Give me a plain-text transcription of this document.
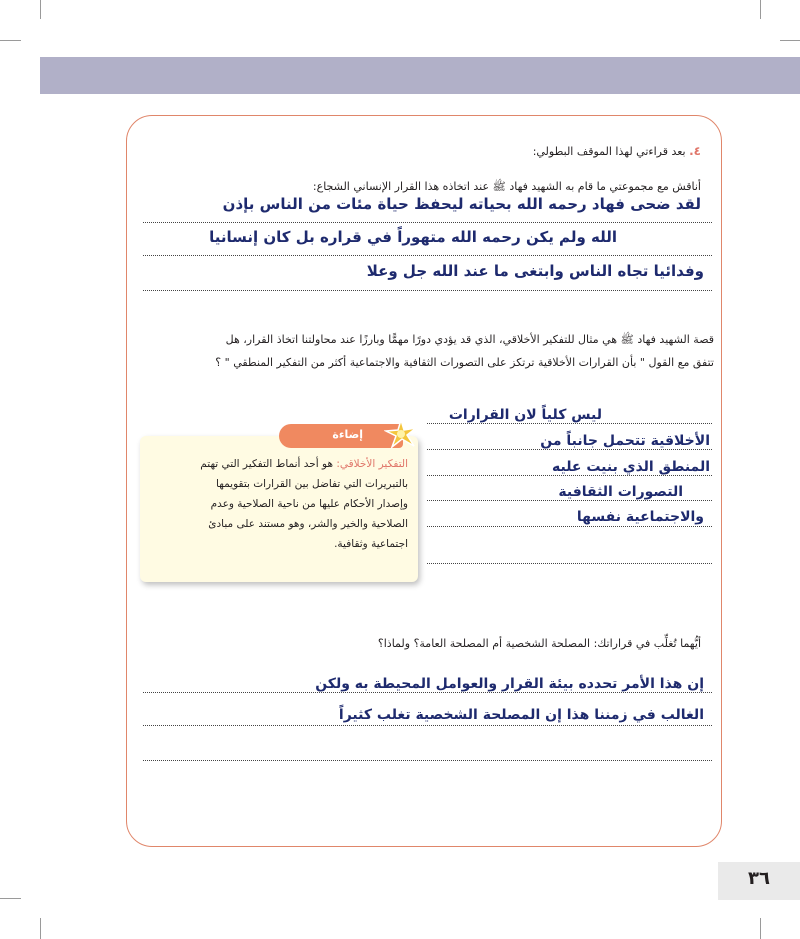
٤. بعد قراءتي لهذا الموقف البطولي:
أناقش مع مجموعتي ما قام به الشهيد فهاد ﷺ عند اتخاذه هذا القرار الإنساني الشجاع:
لقد ضحى فهاد رحمه الله بحياته ليحفظ حياة مئات من الناس بإذن
الله ولم يكن رحمه الله متهوراً في قراره بل كان إنسانيا
وفدائيا تجاه الناس وابتغى ما عند الله جل وعلا
قصة الشهيد فهاد ﷺ هي مثال للتفكير الأخلاقي، الذي قد يؤدي دورًا مهمًّا وبارزًا عند محاولتنا اتخاذ القرار، هل
تتفق مع القول " بأن القرارات الأخلاقية ترتكز على التصورات الثقافية والاجتماعية أكثر من التفكير المنطقي " ؟
ليس كلياً لان القرارات
الأخلاقية تتحمل جانباً من
المنطق الذي بنيت عليه
التصورات الثقافية
والاجتماعية نفسها
إضاءة
التفكير الأخلاقي: هو أحد أنماط التفكير التي تهتم
بالتبريرات التي تفاضل بين القرارات بتقويمها
وإصدار الأحكام عليها من ناحية الصلاحية وعدم
الصلاحية والخير والشر، وهو مستند على مبادئ
اجتماعية وثقافية.
أيُّهما تُغلِّب في قراراتك: المصلحة الشخصية أم المصلحة العامة؟ ولماذا؟
إن هذا الأمر تحدده بيئة القرار والعوامل المحيطة به ولكن
الغالب في زمننا هذا إن المصلحة الشخصية تغلب كثيراً
٣٦
